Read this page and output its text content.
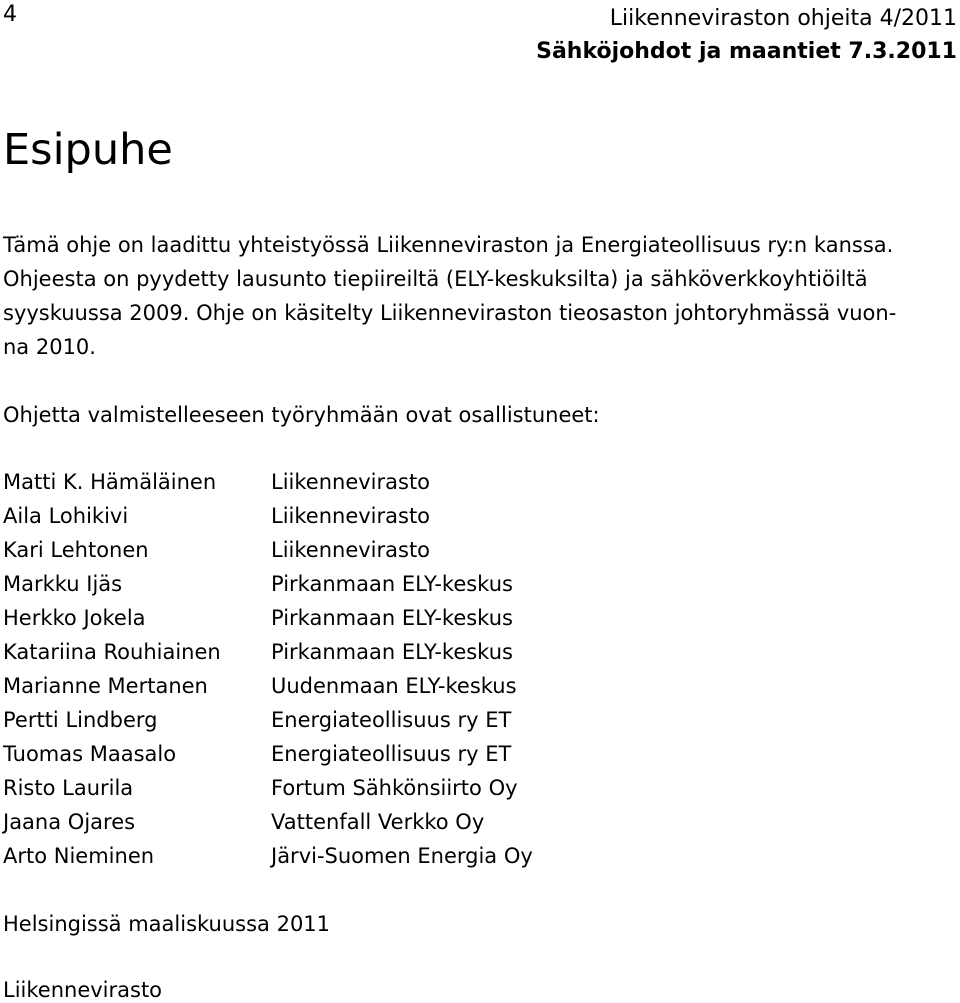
4	Liikenneviraston ohjeita 4/2011
Sähköjohdot ja maantiet 7.3.2011
Esipuhe

Tämä ohje on laadittu yhteistyössä Liikenneviraston ja Energiateollisuus ry:n kanssa.
Ohjeesta on pyydetty lausunto tiepiireiltä (ELY-keskuksilta) ja sähköverkkoyhtiöiltä
syyskuussa 2009. Ohje on käsitelty Liikenneviraston tieosaston johtoryhmässä vuon-
na 2010.

Ohjetta valmistelleeseen työryhmään ovat osallistuneet:

Matti K. Hämäläinen	Liikennevirasto
Aila Lohikivi	Liikennevirasto
Kari Lehtonen	Liikennevirasto
Markku Ijäs	Pirkanmaan ELY-keskus
Herkko Jokela	Pirkanmaan ELY-keskus
Katariina Rouhiainen	Pirkanmaan ELY-keskus
Marianne Mertanen	Uudenmaan ELY-keskus
Pertti Lindberg	Energiateollisuus ry ET
Tuomas Maasalo	Energiateollisuus ry ET
Risto Laurila	Fortum Sähkönsiirto Oy
Jaana Ojares	Vattenfall Verkko Oy
Arto Nieminen	Järvi-Suomen Energia Oy

Helsingissä maaliskuussa 2011

Liikennevirasto
